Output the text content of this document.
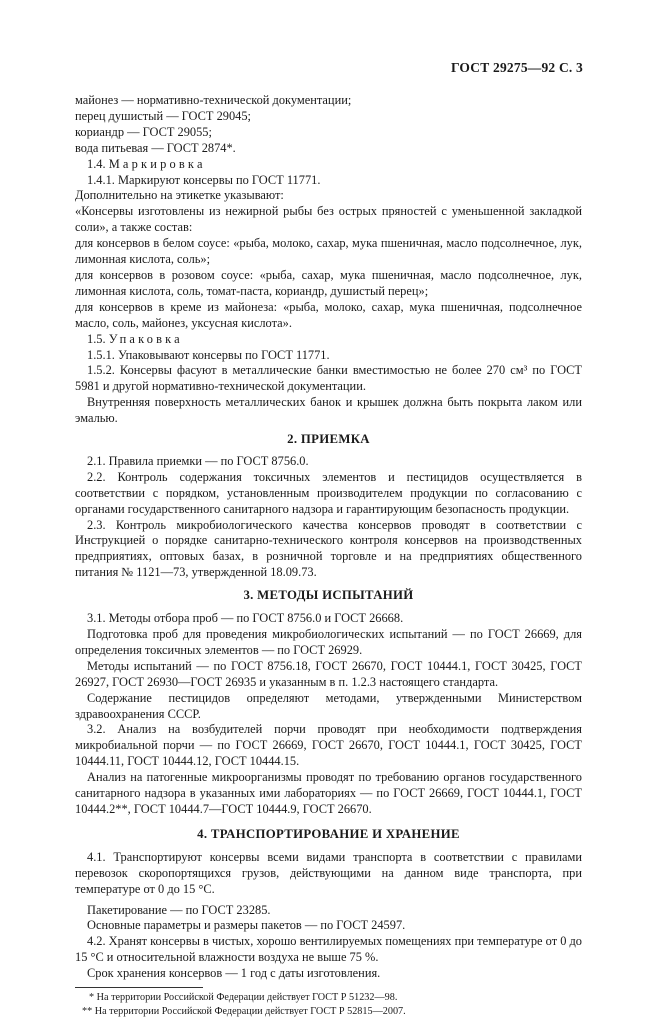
ГОСТ 29275—92 С. 3

майонез — нормативно-технической документации;

перец душистый — ГОСТ 29045;

кориандр — ГОСТ 29055;

вода питьевая — ГОСТ 2874*.

1.4. Маркировка

1.4.1. Маркируют консервы по ГОСТ 11771.

Дополнительно на этикетке указывают:

«Консервы изготовлены из нежирной рыбы без острых пряностей с уменьшенной закладкой соли», а также состав:

для консервов в белом соусе: «рыба, молоко, сахар, мука пшеничная, масло подсолнечное, лук, лимонная кислота, соль»;

для консервов в розовом соусе: «рыба, сахар, мука пшеничная, масло подсолнечное, лук, лимонная кислота, соль, томат-паста, кориандр, душистый перец»;

для консервов в креме из майонеза: «рыба, молоко, сахар, мука пшеничная, подсолнечное масло, соль, майонез, уксусная кислота».

1.5. Упаковка

1.5.1. Упаковывают консервы по ГОСТ 11771.

1.5.2. Консервы фасуют в металлические банки вместимостью не более 270 см³ по ГОСТ 5981 и другой нормативно-технической документации.

Внутренняя поверхность металлических банок и крышек должна быть покрыта лаком или эмалью.

2. ПРИЕМКА

2.1. Правила приемки — по ГОСТ 8756.0.

2.2. Контроль содержания токсичных элементов и пестицидов осуществляется в соответствии с порядком, установленным производителем продукции по согласованию с органами государственного санитарного надзора и гарантирующим безопасность продукции.

2.3. Контроль микробиологического качества консервов проводят в соответствии с Инструкцией о порядке санитарно-технического контроля консервов на производственных предприятиях, оптовых базах, в розничной торговле и на предприятиях общественного питания № 1121—73, утвержденной 18.09.73.

3. МЕТОДЫ ИСПЫТАНИЙ

3.1. Методы отбора проб — по ГОСТ 8756.0 и ГОСТ 26668.

Подготовка проб для проведения микробиологических испытаний — по ГОСТ 26669, для определения токсичных элементов — по ГОСТ 26929.

Методы испытаний — по ГОСТ 8756.18, ГОСТ 26670, ГОСТ 10444.1, ГОСТ 30425, ГОСТ 26927, ГОСТ 26930—ГОСТ 26935 и указанным в п. 1.2.3 настоящего стандарта.

Содержание пестицидов определяют методами, утвержденными Министерством здравоохранения СССР.

3.2. Анализ на возбудителей порчи проводят при необходимости подтверждения микробиальной порчи — по ГОСТ 26669, ГОСТ 26670, ГОСТ 10444.1, ГОСТ 30425, ГОСТ 10444.11, ГОСТ 10444.12, ГОСТ 10444.15.

Анализ на патогенные микроорганизмы проводят по требованию органов государственного санитарного надзора в указанных ими лабораториях — по ГОСТ 26669, ГОСТ 10444.1, ГОСТ 10444.2**, ГОСТ 10444.7—ГОСТ 10444.9, ГОСТ 26670.

4. ТРАНСПОРТИРОВАНИЕ И ХРАНЕНИЕ

4.1. Транспортируют консервы всеми видами транспорта в соответствии с правилами перевозок скоропортящихся грузов, действующими на данном виде транспорта, при температуре от 0 до 15 °С.

Пакетирование — по ГОСТ 23285.

Основные параметры и размеры пакетов — по ГОСТ 24597.

4.2. Хранят консервы в чистых, хорошо вентилируемых помещениях при температуре от 0 до 15 °С и относительной влажности воздуха не выше 75 %.

Срок хранения консервов — 1 год с даты изготовления.

* На территории Российской Федерации действует ГОСТ Р 51232—98.

** На территории Российской Федерации действует ГОСТ Р 52815—2007.
